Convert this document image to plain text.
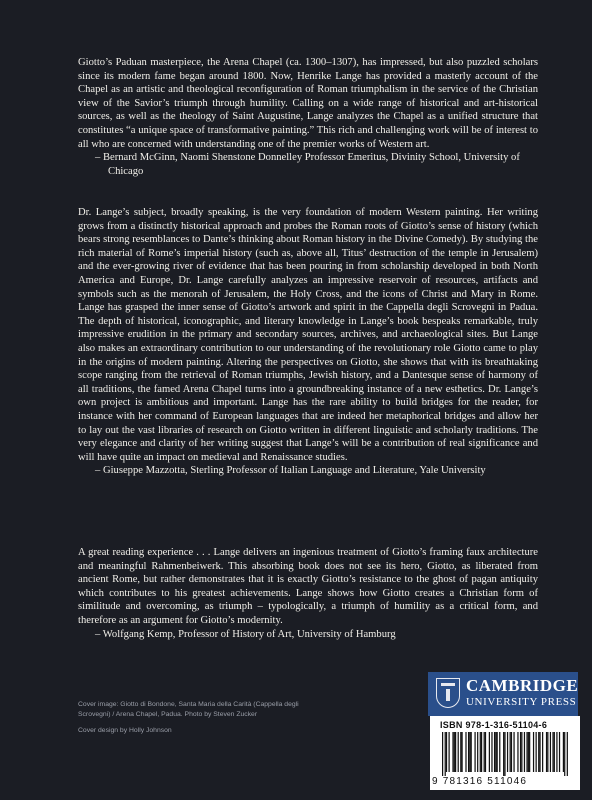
Giotto’s Paduan masterpiece, the Arena Chapel (ca. 1300–1307), has impressed, but also puzzled scholars since its modern fame began around 1800. Now, Henrike Lange has provided a masterly account of the Chapel as an artistic and theological reconfiguration of Roman triumphalism in the service of the Christian view of the Savior’s triumph through humility. Calling on a wide range of historical and art-historical sources, as well as the theology of Saint Augustine, Lange analyzes the Chapel as a unified structure that constitutes “a unique space of transformative painting.” This rich and challenging work will be of interest to all who are concerned with understanding one of the premier works of Western art.

– Bernard McGinn, Naomi Shenstone Donnelley Professor Emeritus, Divinity School, University of Chicago

Dr. Lange’s subject, broadly speaking, is the very foundation of modern Western painting. Her writing grows from a distinctly historical approach and probes the Roman roots of Giotto’s sense of history (which bears strong resemblances to Dante’s thinking about Roman history in the Divine Comedy). By studying the rich material of Rome’s imperial history (such as, above all, Titus’ destruction of the temple in Jerusalem) and the ever-growing river of evidence that has been pouring in from scholarship developed in both North America and Europe, Dr. Lange carefully analyzes an impressive reservoir of resources, artifacts and symbols such as the menorah of Jerusalem, the Holy Cross, and the icons of Christ and Mary in Rome. Lange has grasped the inner sense of Giotto’s artwork and spirit in the Cappella degli Scrovegni in Padua. The depth of historical, iconographic, and literary knowledge in Lange’s book bespeaks remarkable, truly impressive erudition in the primary and secondary sources, archives, and archaeological sites. But Lange also makes an extraordinary contribution to our understanding of the revolutionary role Giotto came to play in the origins of modern painting. Altering the perspectives on Giotto, she shows that with its breathtaking scope ranging from the retrieval of Roman triumphs, Jewish history, and a Dantesque sense of harmony of all traditions, the famed Arena Chapel turns into a groundbreaking instance of a new esthetics. Dr. Lange’s own project is ambitious and important. Lange has the rare ability to build bridges for the reader, for instance with her command of European languages that are indeed her metaphorical bridges and allow her to lay out the vast libraries of research on Giotto written in different linguistic and scholarly traditions. The very elegance and clarity of her writing suggest that Lange’s will be a contribution of real significance and will have quite an impact on medieval and Renaissance studies.

– Giuseppe Mazzotta, Sterling Professor of Italian Language and Literature, Yale University

A great reading experience . . . Lange delivers an ingenious treatment of Giotto’s framing faux architecture and meaningful Rahmenbeiwerk. This absorbing book does not see its hero, Giotto, as liberated from ancient Rome, but rather demonstrates that it is exactly Giotto’s resistance to the ghost of pagan antiquity which contributes to his greatest achievements. Lange shows how Giotto creates a Christian form of similitude and overcoming, as triumph – typologically, a triumph of humility as a critical form, and therefore as an argument for Giotto’s modernity.

– Wolfgang Kemp, Professor of History of Art, University of Hamburg

Cover image: Giotto di Bondone, Santa Maria della Carità (Cappella degli Scrovegni) / Arena Chapel, Padua. Photo by Steven Zucker

Cover design by Holly Johnson

CAMBRIDGE
UNIVERSITY PRESS
ISBN 978-1-316-51104-6
9 781316 511046
